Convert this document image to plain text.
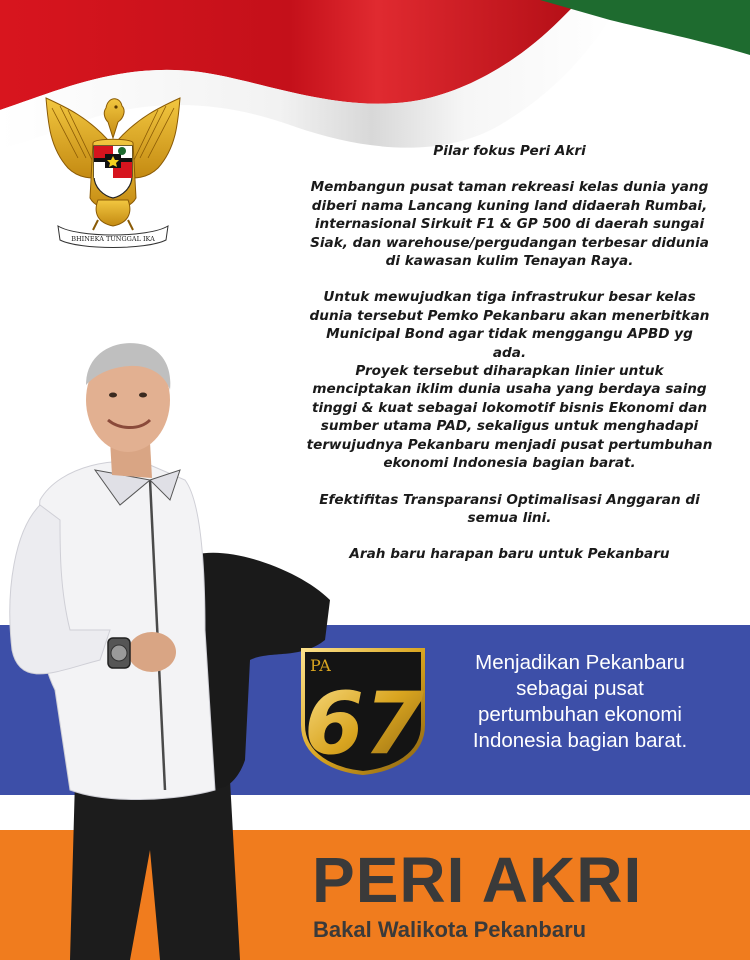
BHINEKA TUNGGAL IKA

Pilar fokus Peri Akri

Membangun pusat taman rekreasi kelas dunia yang
diberi nama Lancang kuning land didaerah Rumbai,
internasional Sirkuit F1 & GP 500 di daerah sungai
Siak, dan warehouse/pergudangan terbesar didunia
di kawasan kulim Tenayan Raya.

Untuk mewujudkan tiga infrastrukur besar kelas
dunia tersebut Pemko Pekanbaru akan menerbitkan
Municipal Bond agar tidak menggangu APBD yg
ada.

Proyek tersebut diharapkan linier untuk
menciptakan iklim dunia usaha yang berdaya saing
tinggi & kuat sebagai lokomotif bisnis Ekonomi dan
sumber utama PAD, sekaligus untuk menghadapi
terwujudnya Pekanbaru menjadi pusat pertumbuhan
ekonomi Indonesia bagian barat.

Efektifitas Transparansi Optimalisasi Anggaran di
semua lini.

Arah baru harapan baru untuk Pekanbaru

PA
67
Menjadikan Pekanbaru
sebagai pusat
pertumbuhan ekonomi
Indonesia bagian barat.
PERI AKRI
Bakal Walikota Pekanbaru
